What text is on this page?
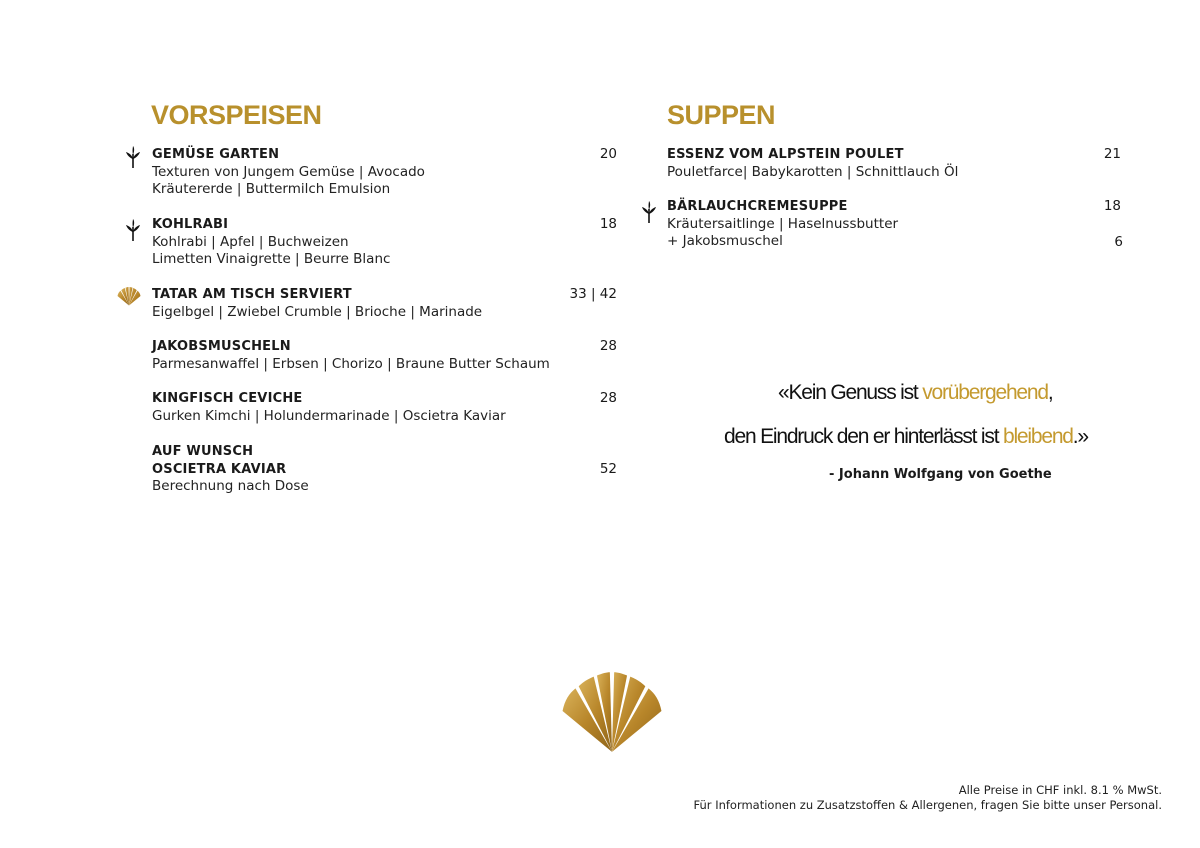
VORSPEISEN
GEMÜSE GARTEN
Texturen von Jungem Gemüse | Avocado
Kräutererde | Buttermilch Emulsion
20
KOHLRABI
Kohlrabi | Apfel | Buchweizen
Limetten Vinaigrette | Beurre Blanc
18
TATAR AM TISCH SERVIERT
Eigelbgel | Zwiebel Crumble | Brioche | Marinade
33 | 42
JAKOBSMUSCHELN
Parmesanwaffel | Erbsen | Chorizo | Braune Butter Schaum
28
KINGFISCH CEVICHE
Gurken Kimchi | Holundermarinade | Oscietra Kaviar
28
AUF WUNSCH
OSCIETRA KAVIAR
Berechnung nach Dose
52
SUPPEN
ESSENZ VOM ALPSTEIN POULET
Pouletfarce| Babykarotten | Schnittlauch Öl
21
BÄRLAUCHCREMESUPPE
Kräutersaitlinge | Haselnussbutter
+ Jakobsmuschel
18
6
«Kein Genuss ist vorübergehend,
den Eindruck den er hinterlässt ist bleibend.»
- Johann Wolfgang von Goethe
Alle Preise in CHF inkl. 8.1 % MwSt.
Für Informationen zu Zusatzstoffen & Allergenen, fragen Sie bitte unser Personal.
